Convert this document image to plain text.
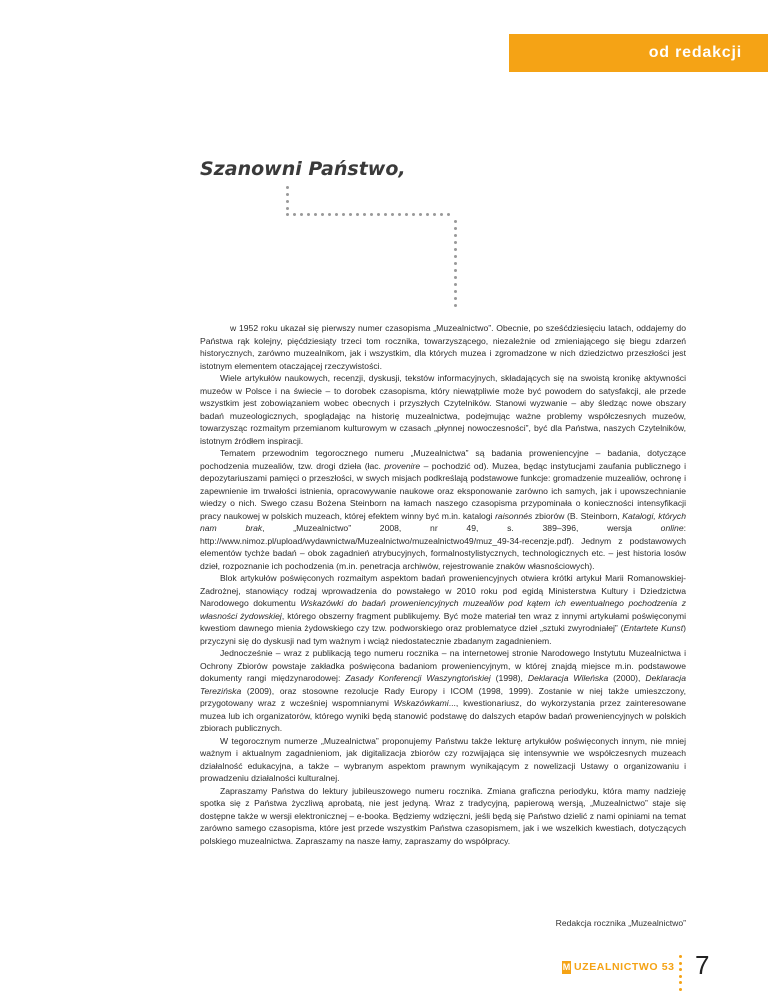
od redakcji
Szanowni Państwo,

w 1952 roku ukazał się pierwszy numer czasopisma „Muzealnictwo”. Obecnie, po sześćdziesięciu latach, oddajemy do Państwa rąk kolejny, pięćdziesiąty trzeci tom rocznika, towarzyszącego, niezależnie od zmieniającego się biegu zdarzeń historycznych, zarówno muzealnikom, jak i wszystkim, dla których muzea i zgromadzone w nich dziedzictwo przeszłości jest istotnym elementem otaczającej rzeczywistości.

Wiele artykułów naukowych, recenzji, dyskusji, tekstów informacyjnych, składających się na swoistą kronikę aktywności muzeów w Polsce i na świecie – to dorobek czasopisma, który niewątpliwie może być powodem do satysfakcji, ale przede wszystkim jest zobowiązaniem wobec obecnych i przyszłych Czytelników. Stanowi wyzwanie – aby śledząc nowe obszary badań muzeologicznych, spoglądając na historię muzealnictwa, podejmując ważne problemy współczesnych muzeów, towarzysząc rozmaitym przemianom kulturowym w czasach „płynnej nowoczesności”, być dla Państwa, naszych Czytelników, istotnym źródłem inspiracji.

Tematem przewodnim tegorocznego numeru „Muzealnictwa” są badania proweniencyjne – badania, dotyczące pochodzenia muzealiów, tzw. drogi dzieła (łac. provenire – pochodzić od). Muzea, będąc instytucjami zaufania publicznego i depozytariuszami pamięci o przeszłości, w swych misjach podkreślają podstawowe funkcje: gromadzenie muzealiów, ochronę i zapewnienie im trwałości istnienia, opracowywanie naukowe oraz eksponowanie zarówno ich samych, jak i upowszechnianie wiedzy o nich. Swego czasu Bożena Steinborn na łamach naszego czasopisma przypominała o konieczności intensyfikacji pracy naukowej w polskich muzeach, której efektem winny być m.in. katalogi raisonnés zbiorów (B. Steinborn, Katalogi, których nam brak, „Muzealnictwo” 2008, nr 49, s. 389–396, wersja online: http://www.nimoz.pl/upload/wydawnictwa/Muzealnictwo/muzealnictwo49/muz_49-34-recenzje.pdf). Jednym z podstawowych elementów tychże badań – obok zagadnień atrybucyjnych, formalnostylistycznych, technologicznych etc. – jest historia losów dzieł, rozpoznanie ich pochodzenia (m.in. penetracja archiwów, rejestrowanie znaków własnościowych).

Blok artykułów poświęconych rozmaitym aspektom badań proweniencyjnych otwiera krótki artykuł Marii Romanowskiej-Zadrożnej, stanowiący rodzaj wprowadzenia do powstałego w 2010 roku pod egidą Ministerstwa Kultury i Dziedzictwa Narodowego dokumentu Wskazówki do badań proweniencyjnych muzealiów pod kątem ich ewentualnego pochodzenia z własności żydowskiej, którego obszerny fragment publikujemy. Być może materiał ten wraz z innymi artykułami poświęconymi kwestiom dawnego mienia żydowskiego czy tzw. podworskiego oraz problematyce dzieł „sztuki zwyrodniałej” (Entartete Kunst) przyczyni się do dyskusji nad tym ważnym i wciąż niedostatecznie zbadanym zagadnieniem.

Jednocześnie – wraz z publikacją tego numeru rocznika – na internetowej stronie Narodowego Instytutu Muzealnictwa i Ochrony Zbiorów powstaje zakładka poświęcona badaniom proweniencyjnym, w której znajdą miejsce m.in. podstawowe dokumenty rangi międzynarodowej: Zasady Konferencji Waszyngtońskiej (1998), Deklaracja Wileńska (2000), Deklaracja Terezińska (2009), oraz stosowne rezolucje Rady Europy i ICOM (1998, 1999). Zostanie w niej także umieszczony, przygotowany wraz z wcześniej wspomnianymi Wskazówkami..., kwestionariusz, do wykorzystania przez zainteresowane muzea lub ich organizatorów, którego wyniki będą stanowić podstawę do dalszych etapów badań proweniencyjnych w polskich zbiorach publicznych.

W tegorocznym numerze „Muzealnictwa” proponujemy Państwu także lekturę artykułów poświęconych innym, nie mniej ważnym i aktualnym zagadnieniom, jak digitalizacja zbiorów czy rozwijająca się intensywnie we współczesnych muzeach działalność edukacyjna, a także – wybranym aspektom prawnym wynikającym z nowelizacji Ustawy o organizowaniu i prowadzeniu działalności kulturalnej.

Zapraszamy Państwa do lektury jubileuszowego numeru rocznika. Zmiana graficzna periodyku, która mamy nadzieję spotka się z Państwa życzliwą aprobatą, nie jest jedyną. Wraz z tradycyjną, papierową wersją, „Muzealnictwo” staje się dostępne także w wersji elektronicznej – e-booka. Będziemy wdzięczni, jeśli będą się Państwo dzielić z nami opiniami na temat zarówno samego czasopisma, które jest przede wszystkim Państwa czasopismem, jak i we wszelkich kwestiach, dotyczących polskiego muzealnictwa. Zapraszamy na nasze łamy, zapraszamy do współpracy.

Redakcja rocznika „Muzealnictwo”
M UZEALNICTWO 53 7
